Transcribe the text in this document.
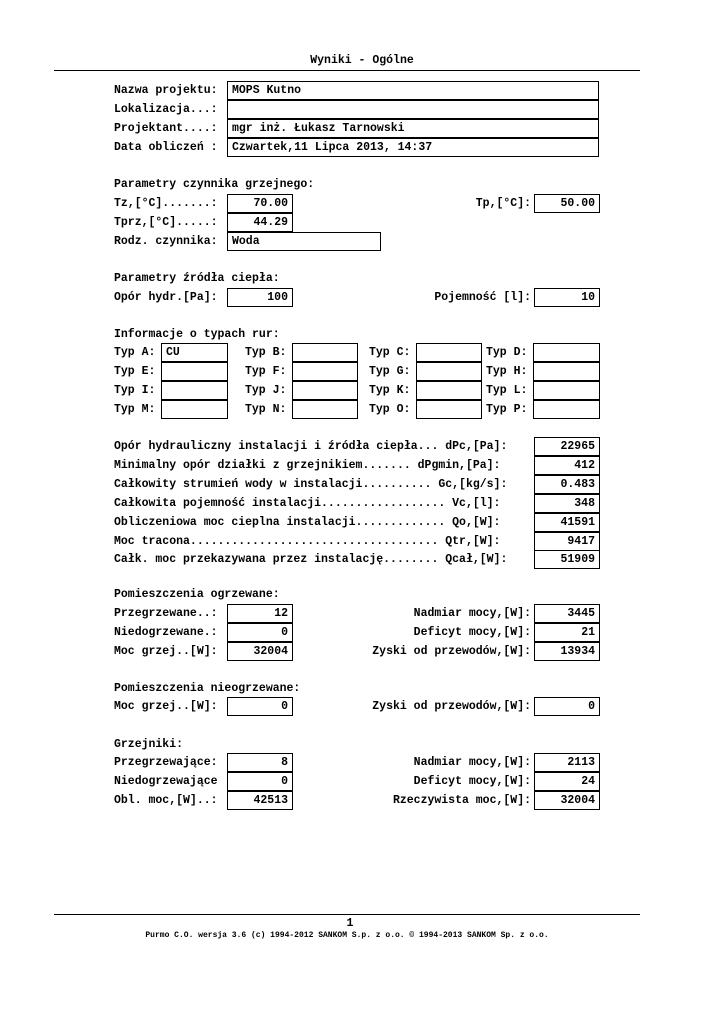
Wyniki - Ogólne
Nazwa projektu:	MOPS Kutno
Lokalizacja...:
Projektant....:	mgr inż. Łukasz Tarnowski
Data obliczeń :	Czwartek,11 Lipca 2013, 14:37
Parametry czynnika grzejnego:
Tz,[°C].......:	70.00	Tp,[°C]:	50.00
Tprz,[°C].....:	44.29
Rodz. czynnika:	Woda
Parametry źródła ciepła:
Opór hydr.[Pa]:	100	Pojemność [l]:	10
Informacje o typach rur:
Typ A: CU	Typ B:	Typ C:	Typ D:
Typ E:	Typ F:	Typ G:	Typ H:
Typ I:	Typ J:	Typ K:	Typ L:
Typ M:	Typ N:	Typ O:	Typ P:
Opór hydrauliczny instalacji i źródła ciepła... dPc,[Pa]:	22965
Minimalny opór działki z grzejnikiem....... dPgmin,[Pa]:	412
Całkowity strumień wody w instalacji.......... Gc,[kg/s]:	0.483
Całkowita pojemność instalacji.................. Vc,[l]:	348
Obliczeniowa moc cieplna instalacji............. Qo,[W]:	41591
Moc tracona.................................... Qtr,[W]:	9417
Całk. moc przekazywana przez instalację........ Qcał,[W]:	51909
Pomieszczenia ogrzewane:
Przegrzewane..:	12	Nadmiar mocy,[W]:	3445
Niedogrzewane.:	0	Deficyt mocy,[W]:	21
Moc grzej..[W]:	32004	Zyski od przewodów,[W]:	13934
Pomieszczenia nieogrzewane:
Moc grzej..[W]:	0	Zyski od przewodów,[W]:	0
Grzejniki:
Przegrzewające:	8	Nadmiar mocy,[W]:	2113
Niedogrzewające	0	Deficyt mocy,[W]:	24
Obl. moc,[W]..:	42513	Rzeczywista moc,[W]:	32004
1
Purmo C.O. wersja 3.6 (c) 1994-2012 SANKOM S.p. z o.o. © 1994-2013 SANKOM Sp. z o.o.
